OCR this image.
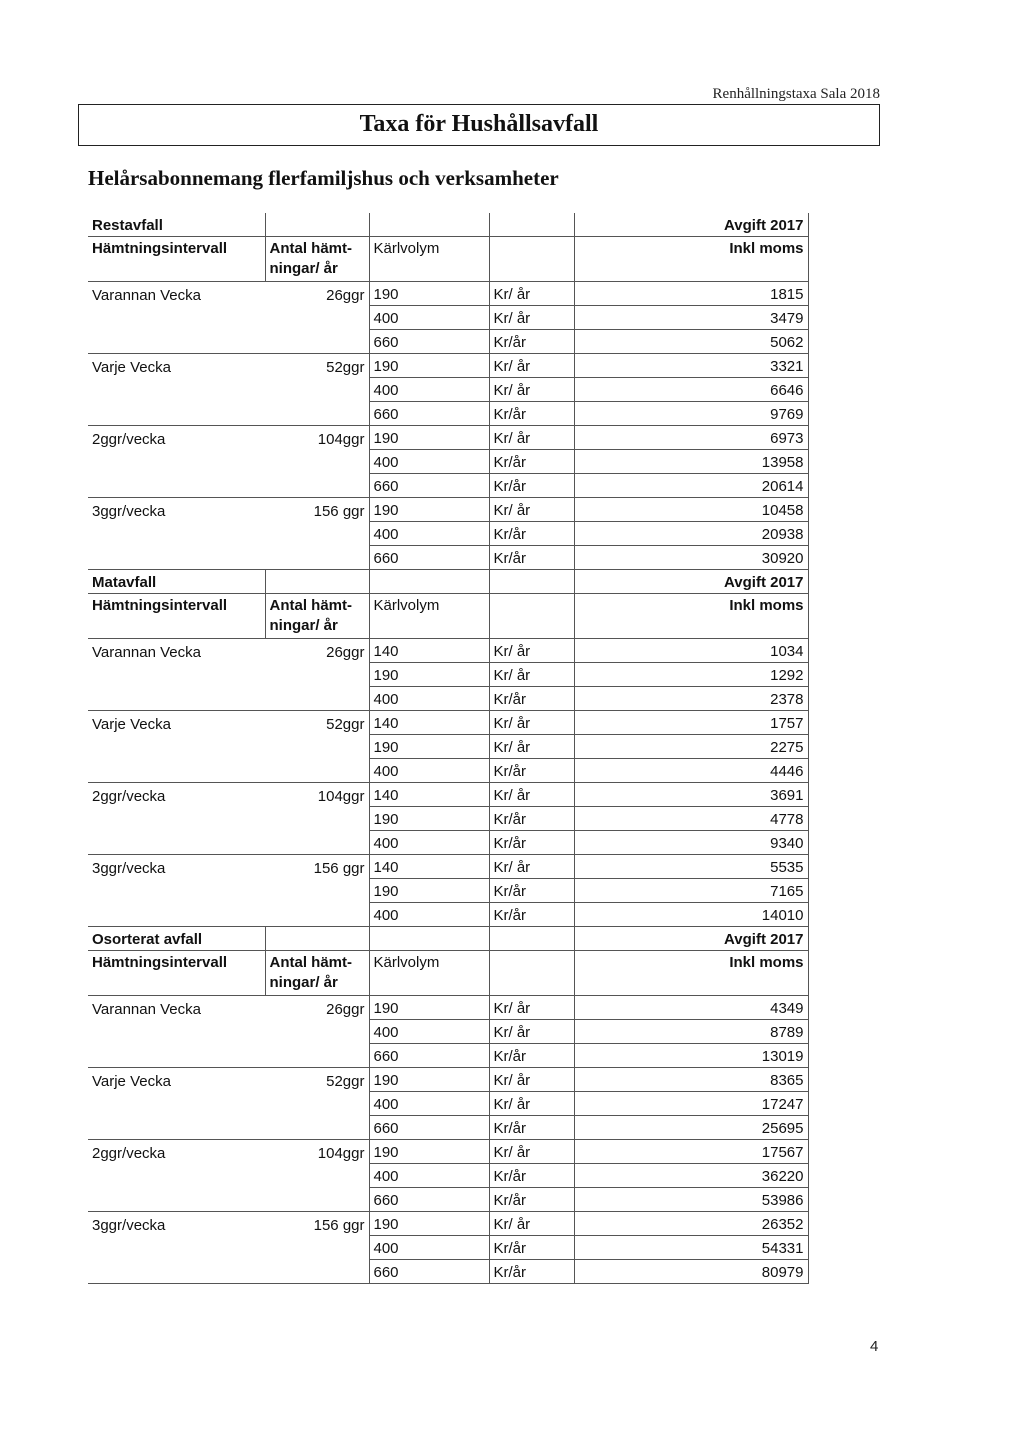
Renhållningstaxa Sala 2018
Taxa för Hushållsavfall
Helårsabonnemang flerfamiljshus och verksamheter
Restavfall				Avgift 2017
Hämtningsintervall	Antal hämt-ningar/ år	Kärlvolym		Inkl moms
Varannan Vecka	26ggr	190	Kr/ år	1815
		400	Kr/ år	3479
		660	Kr/år	5062
Varje Vecka	52ggr	190	Kr/ år	3321
		400	Kr/ år	6646
		660	Kr/år	9769
2ggr/vecka	104ggr	190	Kr/ år	6973
		400	Kr/år	13958
		660	Kr/år	20614
3ggr/vecka	156 ggr	190	Kr/ år	10458
		400	Kr/år	20938
		660	Kr/år	30920
Matavfall				Avgift 2017
Hämtningsintervall	Antal hämt-ningar/ år	Kärlvolym		Inkl moms
Varannan Vecka	26ggr	140	Kr/ år	1034
		190	Kr/ år	1292
		400	Kr/år	2378
Varje Vecka	52ggr	140	Kr/ år	1757
		190	Kr/ år	2275
		400	Kr/år	4446
2ggr/vecka	104ggr	140	Kr/ år	3691
		190	Kr/år	4778
		400	Kr/år	9340
3ggr/vecka	156 ggr	140	Kr/ år	5535
		190	Kr/år	7165
		400	Kr/år	14010
Osorterat avfall				Avgift 2017
Hämtningsintervall	Antal hämt-ningar/ år	Kärlvolym		Inkl moms
Varannan Vecka	26ggr	190	Kr/ år	4349
		400	Kr/ år	8789
		660	Kr/år	13019
Varje Vecka	52ggr	190	Kr/ år	8365
		400	Kr/ år	17247
		660	Kr/år	25695
2ggr/vecka	104ggr	190	Kr/ år	17567
		400	Kr/år	36220
		660	Kr/år	53986
3ggr/vecka	156 ggr	190	Kr/ år	26352
		400	Kr/år	54331
		660	Kr/år	80979
4
